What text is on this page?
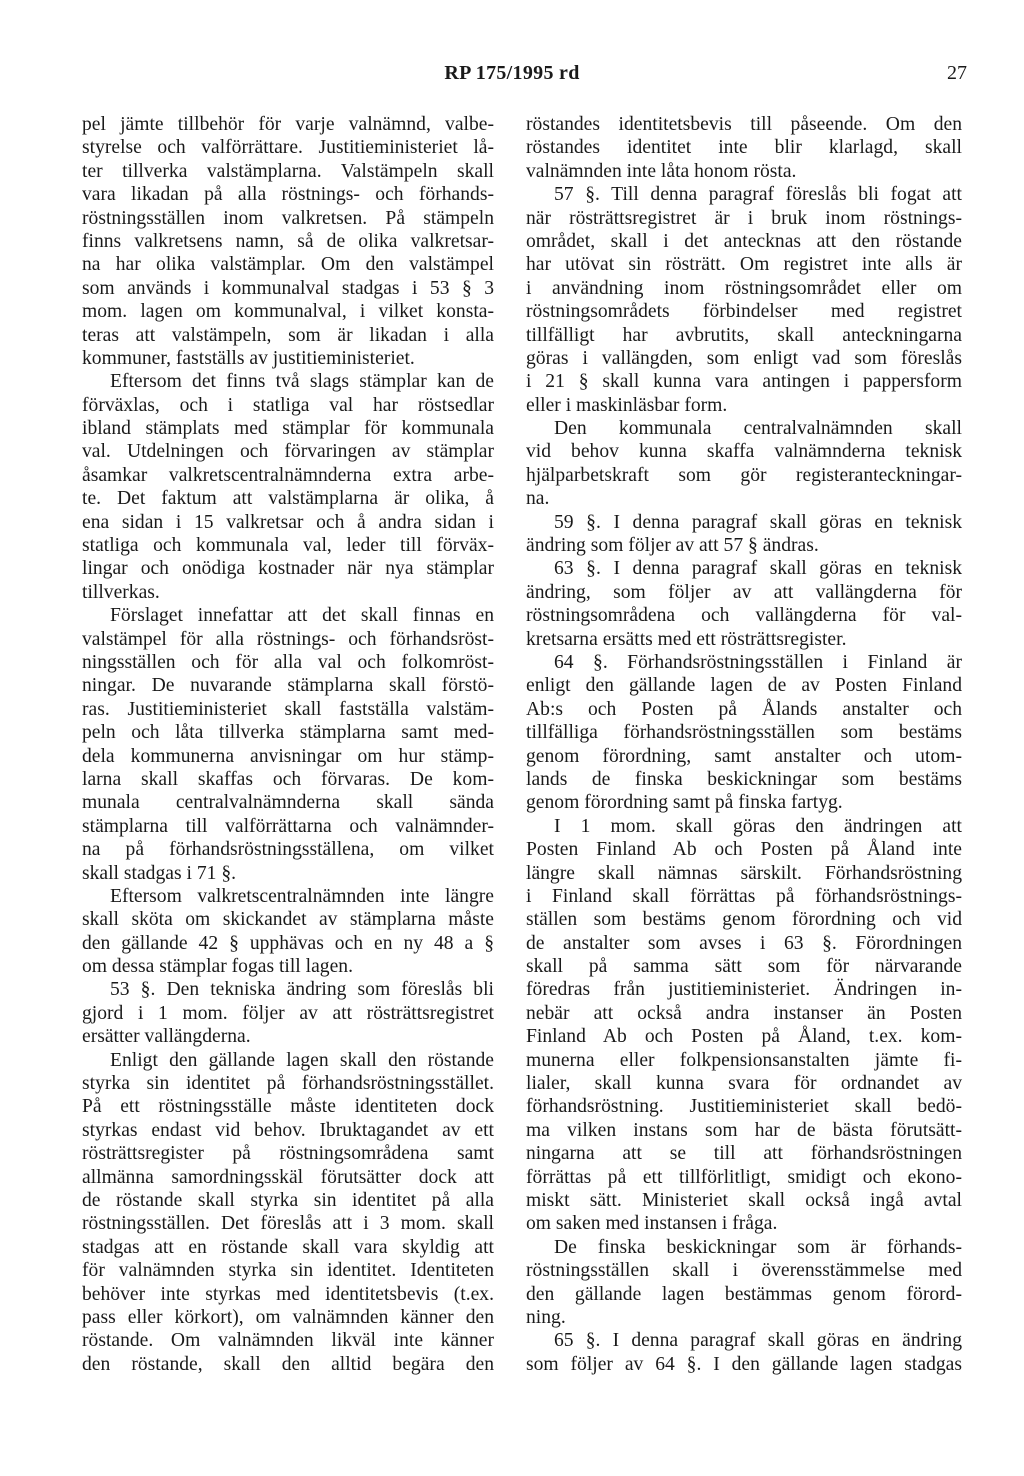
RP 175/1995 rd	27
pel jämte tillbehör för varje valnämnd, valbe-
styrelse och valförrättare. Justitieministeriet lå-
ter tillverka valstämplarna. Valstämpeln skall
vara likadan på alla röstnings- och förhands-
röstningsställen inom valkretsen. På stämpeln
finns valkretsens namn, så de olika valkretsar-
na har olika valstämplar. Om den valstämpel
som används i kommunalval stadgas i 53 § 3
mom. lagen om kommunalval, i vilket konsta-
teras att valstämpeln, som är likadan i alla
kommuner, fastställs av justitieministeriet.
Eftersom det finns två slags stämplar kan de
förväxlas, och i statliga val har röstsedlar
ibland stämplats med stämplar för kommunala
val. Utdelningen och förvaringen av stämplar
åsamkar valkretscentralnämnderna extra arbe-
te. Det faktum att valstämplarna är olika, å
ena sidan i 15 valkretsar och å andra sidan i
statliga och kommunala val, leder till förväx-
lingar och onödiga kostnader när nya stämplar
tillverkas.
Förslaget innefattar att det skall finnas en
valstämpel för alla röstnings- och förhandsröst-
ningsställen och för alla val och folkomröst-
ningar. De nuvarande stämplarna skall förstö-
ras. Justitieministeriet skall fastställa valstäm-
peln och låta tillverka stämplarna samt med-
dela kommunerna anvisningar om hur stämp-
larna skall skaffas och förvaras. De kom-
munala centralvalnämnderna skall sända
stämplarna till valförrättarna och valnämnder-
na på förhandsröstningsställena, om vilket
skall stadgas i 71 §.
Eftersom valkretscentralnämnden inte längre
skall sköta om skickandet av stämplarna måste
den gällande 42 § upphävas och en ny 48 a §
om dessa stämplar fogas till lagen.
53 §. Den tekniska ändring som föreslås bli
gjord i 1 mom. följer av att rösträttsregistret
ersätter vallängderna.
Enligt den gällande lagen skall den röstande
styrka sin identitet på förhandsröstningsstället.
På ett röstningsställe måste identiteten dock
styrkas endast vid behov. Ibruktagandet av ett
rösträttsregister på röstningsområdena samt
allmänna samordningsskäl förutsätter dock att
de röstande skall styrka sin identitet på alla
röstningsställen. Det föreslås att i 3 mom. skall
stadgas att en röstande skall vara skyldig att
för valnämnden styrka sin identitet. Identiteten
behöver inte styrkas med identitetsbevis (t.ex.
pass eller körkort), om valnämnden känner den
röstande. Om valnämnden likväl inte känner
den röstande, skall den alltid begära den
röstandes identitetsbevis till påseende. Om den
röstandes identitet inte blir klarlagd, skall
valnämnden inte låta honom rösta.
57 §. Till denna paragraf föreslås bli fogat att
när rösträttsregistret är i bruk inom röstnings-
området, skall i det antecknas att den röstande
har utövat sin rösträtt. Om registret inte alls är
i användning inom röstningsområdet eller om
röstningsområdets förbindelser med registret
tillfälligt har avbrutits, skall anteckningarna
göras i vallängden, som enligt vad som föreslås
i 21 § skall kunna vara antingen i pappersform
eller i maskinläsbar form.
Den kommunala centralvalnämnden skall
vid behov kunna skaffa valnämnderna teknisk
hjälparbetskraft som gör registeranteckningar-
na.
59 §. I denna paragraf skall göras en teknisk
ändring som följer av att 57 § ändras.
63 §. I denna paragraf skall göras en teknisk
ändring, som följer av att vallängderna för
röstningsområdena och vallängderna för val-
kretsarna ersätts med ett rösträttsregister.
64 §. Förhandsröstningsställen i Finland är
enligt den gällande lagen de av Posten Finland
Ab:s och Posten på Ålands anstalter och
tillfälliga förhandsröstningsställen som bestäms
genom förordning, samt anstalter och utom-
lands de finska beskickningar som bestäms
genom förordning samt på finska fartyg.
I 1 mom. skall göras den ändringen att
Posten Finland Ab och Posten på Åland inte
längre skall nämnas särskilt. Förhandsröstning
i Finland skall förrättas på förhandsröstnings-
ställen som bestäms genom förordning och vid
de anstalter som avses i 63 §. Förordningen
skall på samma sätt som för närvarande
föredras från justitieministeriet. Ändringen in-
nebär att också andra instanser än Posten
Finland Ab och Posten på Åland, t.ex. kom-
munerna eller folkpensionsanstalten jämte fi-
lialer, skall kunna svara för ordnandet av
förhandsröstning. Justitieministeriet skall bedö-
ma vilken instans som har de bästa förutsätt-
ningarna att se till att förhandsröstningen
förrättas på ett tillförlitligt, smidigt och ekono-
miskt sätt. Ministeriet skall också ingå avtal
om saken med instansen i fråga.
De finska beskickningar som är förhands-
röstningsställen skall i överensstämmelse med
den gällande lagen bestämmas genom förord-
ning.
65 §. I denna paragraf skall göras en ändring
som följer av 64 §. I den gällande lagen stadgas
